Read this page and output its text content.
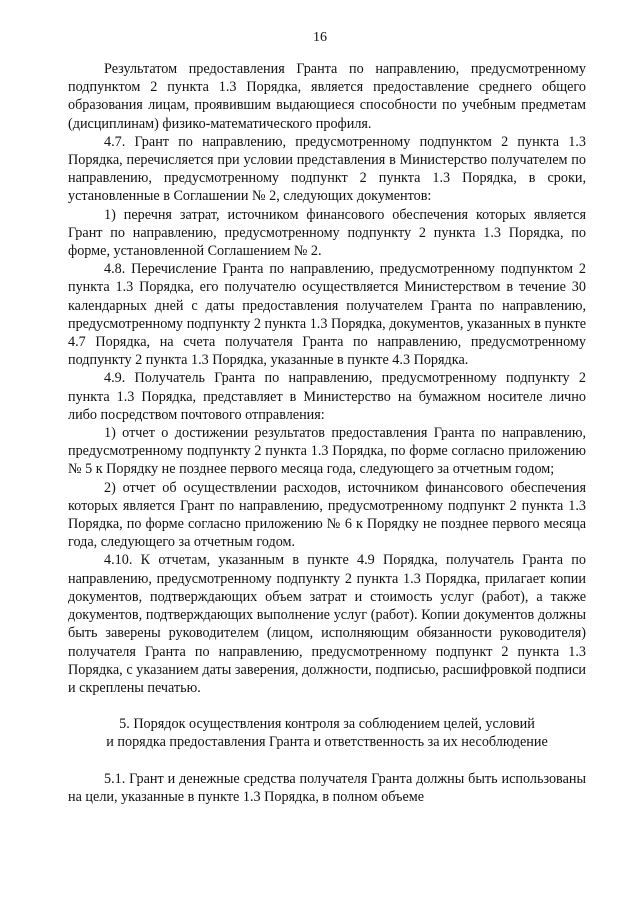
16

Результатом предоставления Гранта по направлению, предусмотренному подпунктом 2 пункта 1.3 Порядка, является предоставление среднего общего образования лицам, проявившим выдающиеся способности по учебным предметам (дисциплинам) физико-математического профиля.

4.7. Грант по направлению, предусмотренному подпунктом 2 пункта 1.3 Порядка, перечисляется при условии представления в Министерство получателем по направлению, предусмотренному подпункт 2 пункта 1.3 Порядка, в сроки, установленные в Соглашении № 2, следующих документов:

1) перечня затрат, источником финансового обеспечения которых является Грант по направлению, предусмотренному подпункту 2 пункта 1.3 Порядка, по форме, установленной Соглашением № 2.

4.8. Перечисление Гранта по направлению, предусмотренному подпунктом 2 пункта 1.3 Порядка, его получателю осуществляется Министерством в течение 30 календарных дней с даты предоставления получателем Гранта по направлению, предусмотренному подпункту 2 пункта 1.3 Порядка, документов, указанных в пункте 4.7 Порядка, на счета получателя Гранта по направлению, предусмотренному подпункту 2 пункта 1.3 Порядка, указанные в пункте 4.3 Порядка.

4.9. Получатель Гранта по направлению, предусмотренному подпункту 2 пункта 1.3 Порядка, представляет в Министерство на бумажном носителе лично либо посредством почтового отправления:

1) отчет о достижении результатов предоставления Гранта по направлению, предусмотренному подпункту 2 пункта 1.3 Порядка, по форме согласно приложению № 5 к Порядку не позднее первого месяца года, следующего за отчетным годом;

2) отчет об осуществлении расходов, источником финансового обеспечения которых является Грант по направлению, предусмотренному подпункт 2 пункта 1.3 Порядка, по форме согласно приложению № 6 к Порядку не позднее первого месяца года, следующего за отчетным годом.

4.10. К отчетам, указанным в пункте 4.9 Порядка, получатель Гранта по направлению, предусмотренному подпункту 2 пункта 1.3 Порядка, прилагает копии документов, подтверждающих объем затрат и стоимость услуг (работ), а также документов, подтверждающих выполнение услуг (работ). Копии документов должны быть заверены руководителем (лицом, исполняющим обязанности руководителя) получателя Гранта по направлению, предусмотренному подпункт 2 пункта 1.3 Порядка, с указанием даты заверения, должности, подписью, расшифровкой подписи и скреплены печатью.

5. Порядок осуществления контроля за соблюдением целей, условий
и порядка предоставления Гранта и ответственность за их несоблюдение

5.1. Грант и денежные средства получателя Гранта должны быть использованы на цели, указанные в пункте 1.3 Порядка, в полном объеме
